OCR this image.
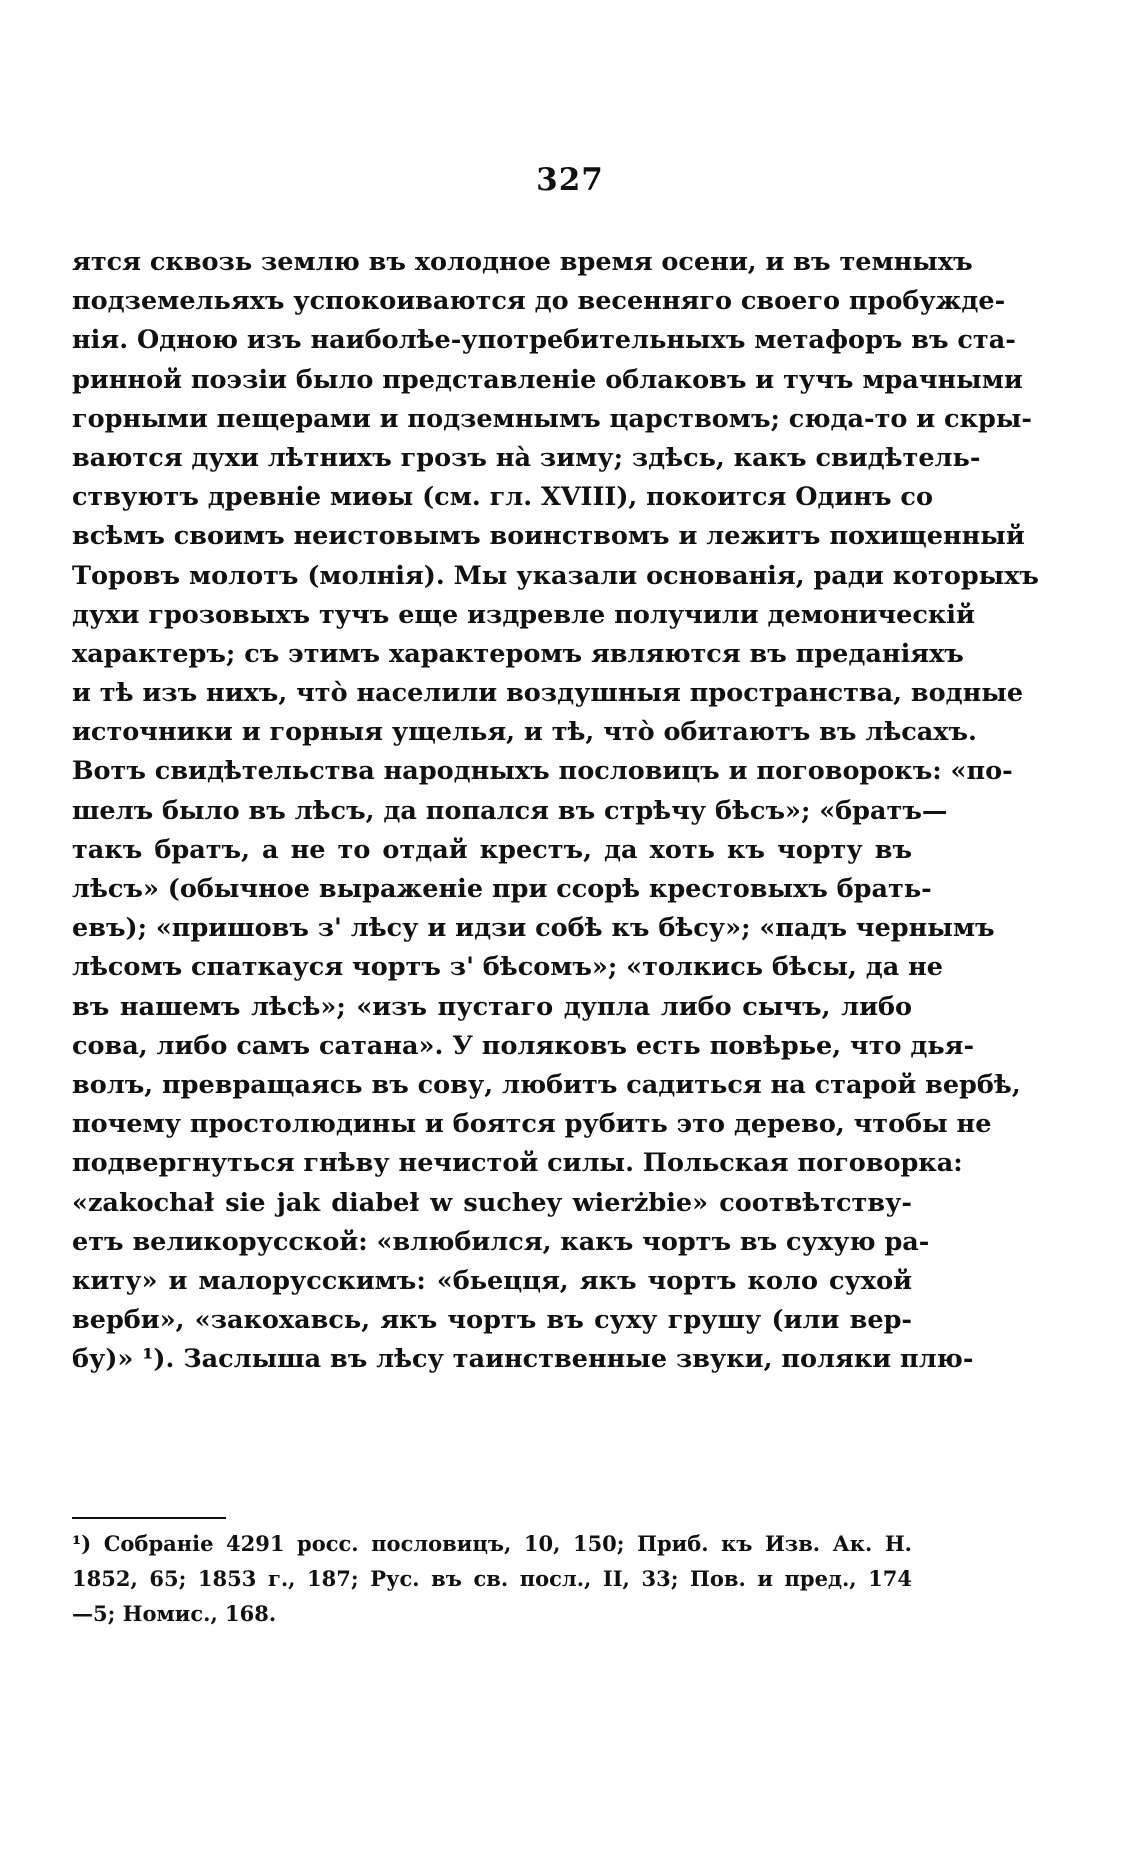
327
ятся сквозь землю въ холодное время осени, и въ темныхъ
подземельяхъ успокоиваются до весенняго своего пробужде-
нія. Одною изъ наиболѣе-употребительныхъ метафоръ въ ста-
ринной поэзіи было представленіе облаковъ и тучъ мрачными
горными пещерами и подземнымъ царствомъ; сюда-то и скры-
ваются духи лѣтнихъ грозъ на̀ зиму; здѣсь, какъ свидѣтель-
ствуютъ древніе миѳы (см. гл. XVIII), покоится Одинъ со
всѣмъ своимъ неистовымъ воинствомъ и лежитъ похищенный
Торовъ молотъ (молнія). Мы указали основанія, ради которыхъ
духи грозовыхъ тучъ еще издревле получили демоническій
характеръ; съ этимъ характеромъ являются въ преданіяхъ
и тѣ изъ нихъ, что̀ населили воздушныя пространства, водные
источники и горныя ущелья, и тѣ, что̀ обитаютъ въ лѣсахъ.
Вотъ свидѣтельства народныхъ пословицъ и поговорокъ: «по-
шелъ было въ лѣсъ, да попался въ стрѣчу бѣсъ»; «братъ—
такъ братъ, а не то отдай крестъ, да хоть къ чорту въ
лѣсъ» (обычное выраженіе при ссорѣ крестовыхъ брать-
евъ); «пришовъ з' лѣсу и идзи собѣ къ бѣсу»; «падъ чернымъ
лѣсомъ спаткауся чортъ з' бѣсомъ»; «толкись бѣсы, да не
въ нашемъ лѣсѣ»; «изъ пустаго дупла либо сычъ, либо
сова, либо самъ сатана». У поляковъ есть повѣрье, что дья-
волъ, превращаясь въ сову, любитъ садиться на старой вербѣ,
почему простолюдины и боятся рубить это дерево, чтобы не
подвергнуться гнѣву нечистой силы. Польская поговорка:
«zakochał sie jak diabeł w suchey wierżbie» соотвѣтству-
етъ великорусской: «влюбился, какъ чортъ въ сухую ра-
киту» и малорусскимъ: «бьецця, якъ чортъ коло сухой
верби», «закохавсь, якъ чортъ въ суху грушу (или вер-
бу)» ¹). Заслыша въ лѣсу таинственные звуки, поляки плю-
¹) Собраніе 4291 росс. пословицъ, 10, 150; Приб. къ Изв. Ак. Н.
1852, 65; 1853 г., 187; Рус. въ св. посл., II, 33; Пов. и пред., 174
—5; Номис., 168.
